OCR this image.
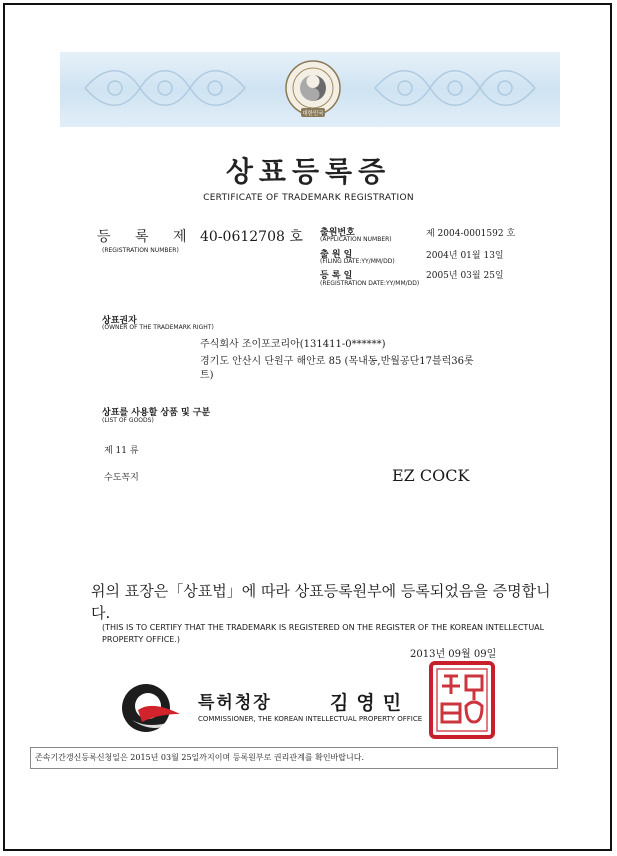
대한민국
상표등록증
CERTIFICATE OF TRADEMARK REGISTRATION
등 록 제 40-0612708 호
(REGISTRATION NUMBER)
출원번호
(APPLICATION NUMBER)
제 2004-0001592 호
출 원 일
(FILING DATE:YY/MM/DD)
2004년 01월 13일
등 록 일
(REGISTRATION DATE:YY/MM/DD)
2005년 03월 25일
상표권자
(OWNER OF THE TRADEMARK RIGHT)
주식회사 조이포코리아(131411-0******)
경기도 안산시 단원구 해안로 85 (목내동,반월공단17블럭36롯
트)
상표를 사용할 상품 및 구분
(LIST OF GOODS)
제 11 류
수도꼭지	EZ COCK
위의 표장은「상표법」에 따라 상표등록원부에 등록되었음을 증명합니다.
(THIS IS TO CERTIFY THAT THE TRADEMARK IS REGISTERED ON THE REGISTER OF THE KOREAN INTELLECTUAL PROPERTY OFFICE.)
2013년 09월 09일
특허청장	김영민
COMMISSIONER, THE KOREAN INTELLECTUAL PROPERTY OFFICE
특허청장인
존속기간갱신등록신청일은 2015년 03월 25일까지이며 등록원부로 권리관계를 확인바랍니다.
